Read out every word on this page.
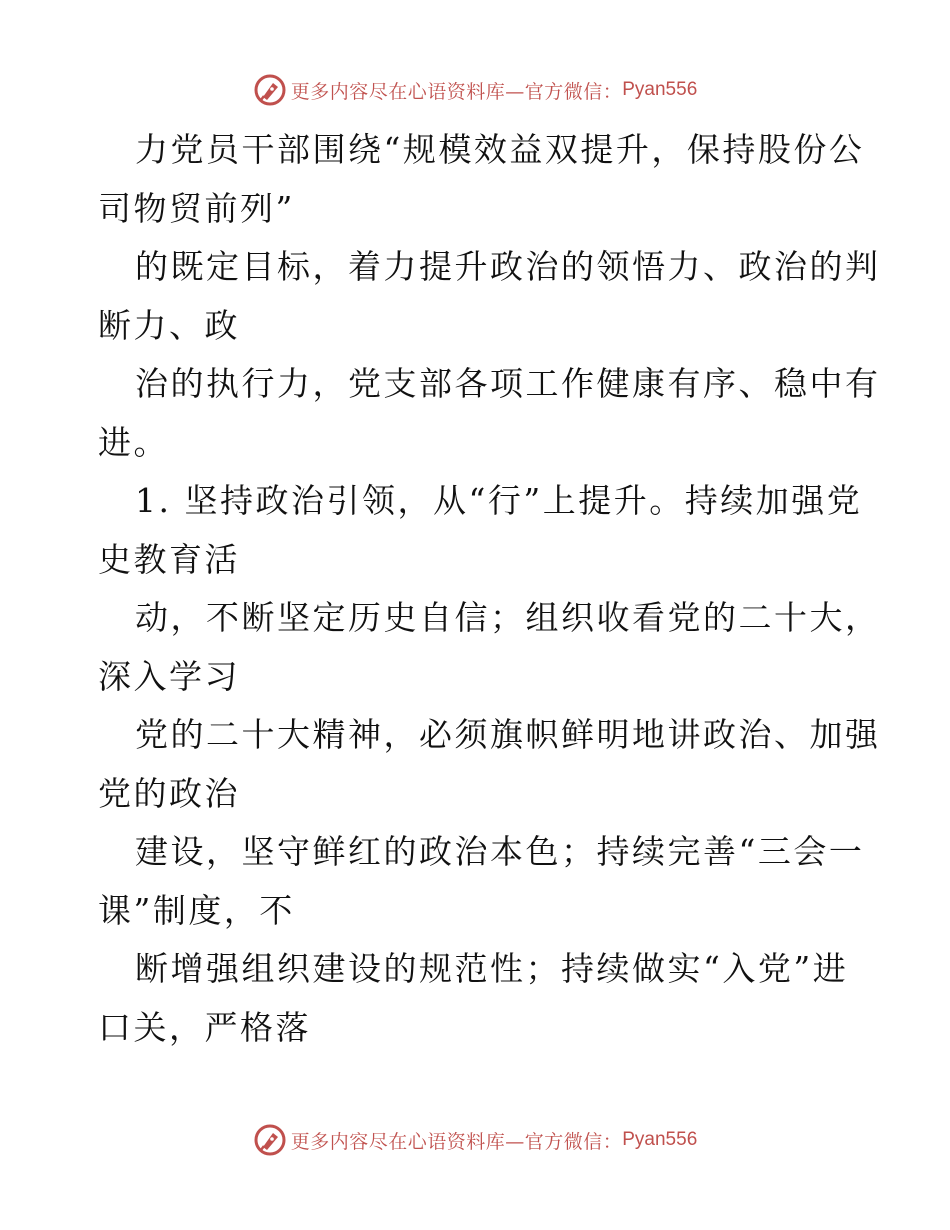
更多内容尽在心语资料库—官方微信： Pyan556
力党员干部围绕“规模效益双提升，保持股份公
司物贸前列”
的既定目标，着力提升政治的领悟力、政治的判
断力、政
治的执行力，党支部各项工作健康有序、稳中有
进。
1. 坚持政治引领，从“行”上提升。持续加强党
史教育活
动，不断坚定历史自信；组织收看党的二十大，
深入学习
党的二十大精神，必须旗帜鲜明地讲政治、加强
党的政治
建设，坚守鲜红的政治本色；持续完善“三会一
课”制度，不
断增强组织建设的规范性；持续做实“入党”进
口关，严格落
更多内容尽在心语资料库—官方微信： Pyan556
